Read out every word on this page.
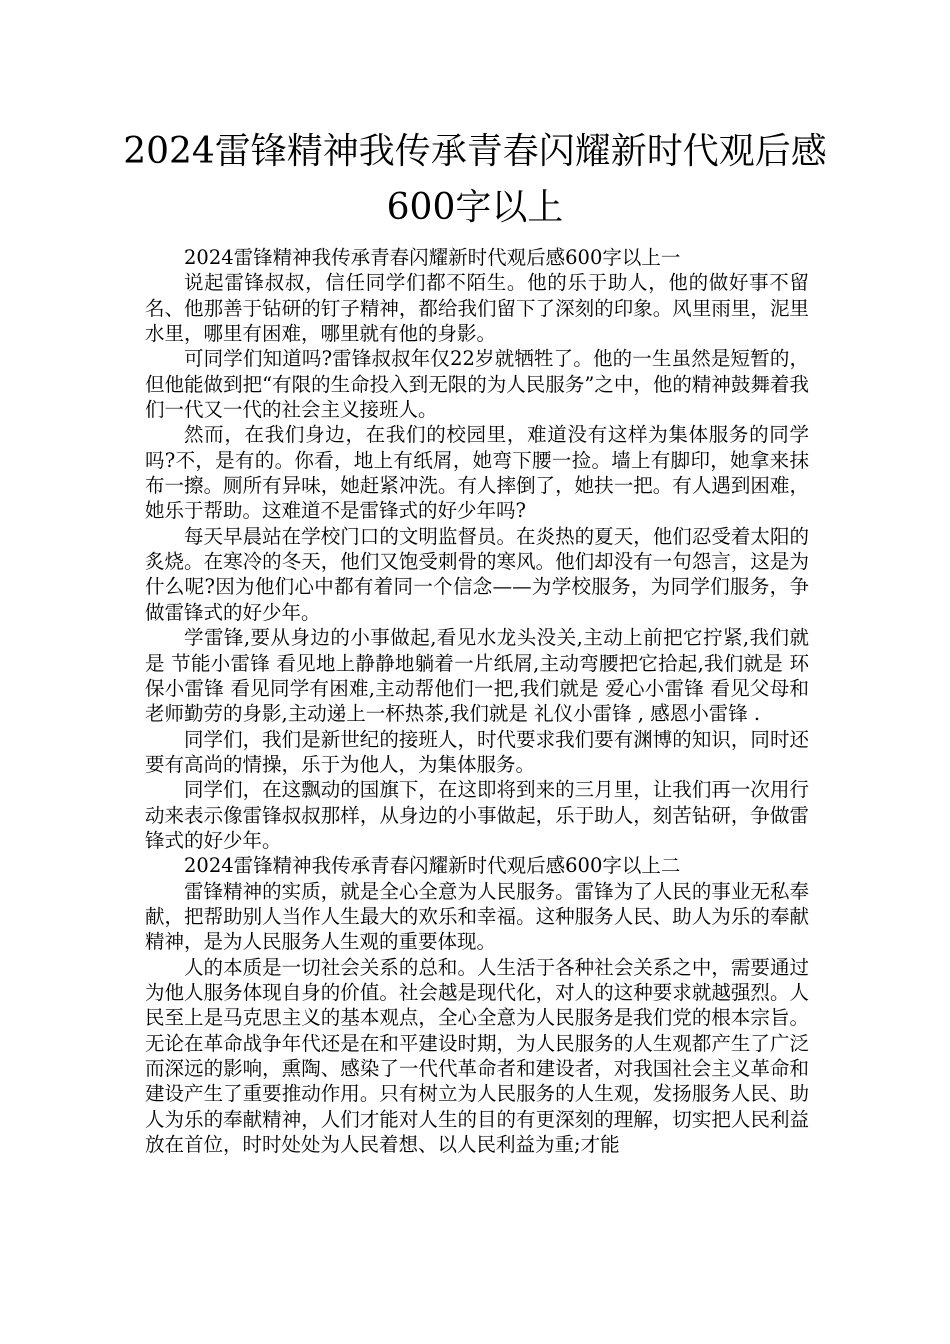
2024雷锋精神我传承青春闪耀新时代观后感600字以上

2024雷锋精神我传承青春闪耀新时代观后感600字以上一

说起雷锋叔叔，信任同学们都不陌生。他的乐于助人，他的做好事不留名、他那善于钻研的钉子精神，都给我们留下了深刻的印象。风里雨里，泥里水里，哪里有困难，哪里就有他的身影。

可同学们知道吗?雷锋叔叔年仅22岁就牺牲了。他的一生虽然是短暂的，但他能做到把“有限的生命投入到无限的为人民服务”之中，他的精神鼓舞着我们一代又一代的社会主义接班人。

然而，在我们身边，在我们的校园里，难道没有这样为集体服务的同学吗?不，是有的。你看，地上有纸屑，她弯下腰一捡。墙上有脚印，她拿来抹布一擦。厕所有异味，她赶紧冲洗。有人摔倒了，她扶一把。有人遇到困难，她乐于帮助。这难道不是雷锋式的好少年吗?

每天早晨站在学校门口的文明监督员。在炎热的夏天，他们忍受着太阳的炙烧。在寒冷的冬天，他们又饱受刺骨的寒风。他们却没有一句怨言，这是为什么呢?因为他们心中都有着同一个信念——为学校服务，为同学们服务，争做雷锋式的好少年。

学雷锋,要从身边的小事做起,看见水龙头没关,主动上前把它拧紧,我们就是 节能小雷锋 看见地上静静地躺着一片纸屑,主动弯腰把它拾起,我们就是 环保小雷锋 看见同学有困难,主动帮他们一把,我们就是 爱心小雷锋 看见父母和老师勤劳的身影,主动递上一杯热茶,我们就是 礼仪小雷锋 , 感恩小雷锋 .

同学们，我们是新世纪的接班人，时代要求我们要有渊博的知识，同时还要有高尚的情操，乐于为他人，为集体服务。

同学们，在这飘动的国旗下，在这即将到来的三月里，让我们再一次用行动来表示像雷锋叔叔那样，从身边的小事做起，乐于助人，刻苦钻研，争做雷锋式的好少年。

2024雷锋精神我传承青春闪耀新时代观后感600字以上二

雷锋精神的实质，就是全心全意为人民服务。雷锋为了人民的事业无私奉献，把帮助别人当作人生最大的欢乐和幸福。这种服务人民、助人为乐的奉献精神，是为人民服务人生观的重要体现。

人的本质是一切社会关系的总和。人生活于各种社会关系之中，需要通过为他人服务体现自身的价值。社会越是现代化，对人的这种要求就越强烈。人民至上是马克思主义的基本观点，全心全意为人民服务是我们党的根本宗旨。无论在革命战争年代还是在和平建设时期，为人民服务的人生观都产生了广泛而深远的影响，熏陶、感染了一代代革命者和建设者，对我国社会主义革命和建设产生了重要推动作用。只有树立为人民服务的人生观，发扬服务人民、助人为乐的奉献精神，人们才能对人生的目的有更深刻的理解，切实把人民利益放在首位，时时处处为人民着想、以人民利益为重;才能
